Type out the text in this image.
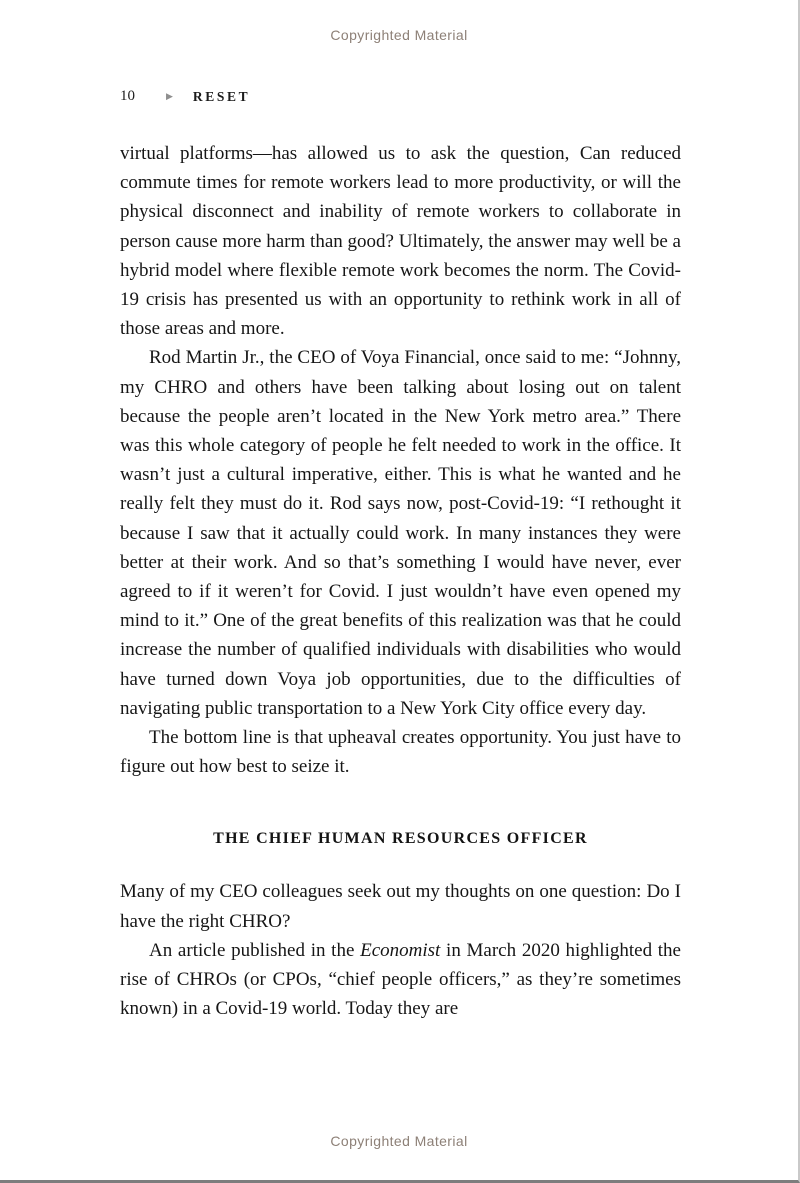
Copyrighted Material
10	▶ RESET

virtual platforms—has allowed us to ask the question, Can reduced commute times for remote workers lead to more productivity, or will the physical disconnect and inability of remote workers to collaborate in person cause more harm than good? Ultimately, the answer may well be a hybrid model where flexible remote work becomes the norm. The Covid-19 crisis has presented us with an opportunity to rethink work in all of those areas and more.

Rod Martin Jr., the CEO of Voya Financial, once said to me: “Johnny, my CHRO and others have been talking about losing out on talent because the people aren’t located in the New York metro area.” There was this whole category of people he felt needed to work in the office. It wasn’t just a cultural imperative, either. This is what he wanted and he really felt they must do it. Rod says now, post-Covid-19: “I rethought it because I saw that it actually could work. In many instances they were better at their work. And so that’s something I would have never, ever agreed to if it weren’t for Covid. I just wouldn’t have even opened my mind to it.” One of the great benefits of this realization was that he could increase the number of qualified individuals with disabilities who would have turned down Voya job opportunities, due to the difficulties of navigating public transportation to a New York City office every day.

The bottom line is that upheaval creates opportunity. You just have to figure out how best to seize it.

THE CHIEF HUMAN RESOURCES OFFICER

Many of my CEO colleagues seek out my thoughts on one question: Do I have the right CHRO?

An article published in the Economist in March 2020 highlighted the rise of CHROs (or CPOs, “chief people officers,” as they’re sometimes known) in a Covid-19 world. Today they are

Copyrighted Material
